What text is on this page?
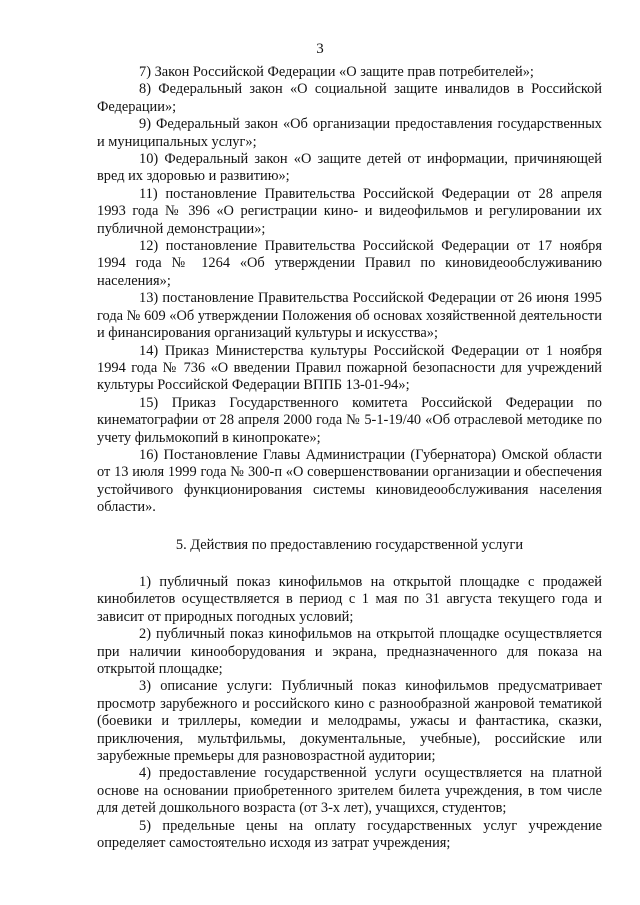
3

7) Закон Российской Федерации «О защите прав потребителей»;

8) Федеральный закон «О социальной защите инвалидов в Российской Федерации»;

9) Федеральный закон «Об организации предоставления государственных и муниципальных услуг»;

10) Федеральный закон «О защите детей от информации, причиняющей вред их здоровью и развитию»;

11) постановление Правительства Российской Федерации от 28 апреля 1993 года № 396 «О регистрации кино- и видеофильмов и регулировании их публичной демонстрации»;

12) постановление Правительства Российской Федерации от 17 ноября 1994 года № 1264 «Об утверждении Правил по киновидеообслуживанию населения»;

13) постановление Правительства Российской Федерации от 26 июня 1995 года № 609 «Об утверждении Положения об основах хозяйственной деятельности и финансирования организаций культуры и искусства»;

14) Приказ Министерства культуры Российской Федерации от 1 ноября 1994 года № 736 «О введении Правил пожарной безопасности для учреждений культуры Российской Федерации ВППБ 13-01-94»;

15) Приказ Государственного комитета Российской Федерации по кинематографии от 28 апреля 2000 года № 5-1-19/40 «Об отраслевой методике по учету фильмокопий в кинопрокате»;

16) Постановление Главы Администрации (Губернатора) Омской области от 13 июля 1999 года № 300-п «О совершенствовании организации и обеспечения устойчивого функционирования системы киновидеообслуживания населения области».

5. Действия по предоставлению государственной услуги

1) публичный показ кинофильмов на открытой площадке с продажей кинобилетов осуществляется в период с 1 мая по 31 августа текущего года и зависит от природных погодных условий;

2) публичный показ кинофильмов на открытой площадке осуществляется при наличии кинооборудования и экрана, предназначенного для показа на открытой площадке;

3) описание услуги: Публичный показ кинофильмов предусматривает просмотр зарубежного и российского кино с разнообразной жанровой тематикой (боевики и триллеры, комедии и мелодрамы, ужасы и фантастика, сказки, приключения, мультфильмы, документальные, учебные), российские или зарубежные премьеры для разновозрастной аудитории;

4) предоставление государственной услуги осуществляется на платной основе на основании приобретенного зрителем билета учреждения, в том числе для детей дошкольного возраста (от 3-х лет), учащихся, студентов;

5) предельные цены на оплату государственных услуг учреждение определяет самостоятельно исходя из затрат учреждения;
